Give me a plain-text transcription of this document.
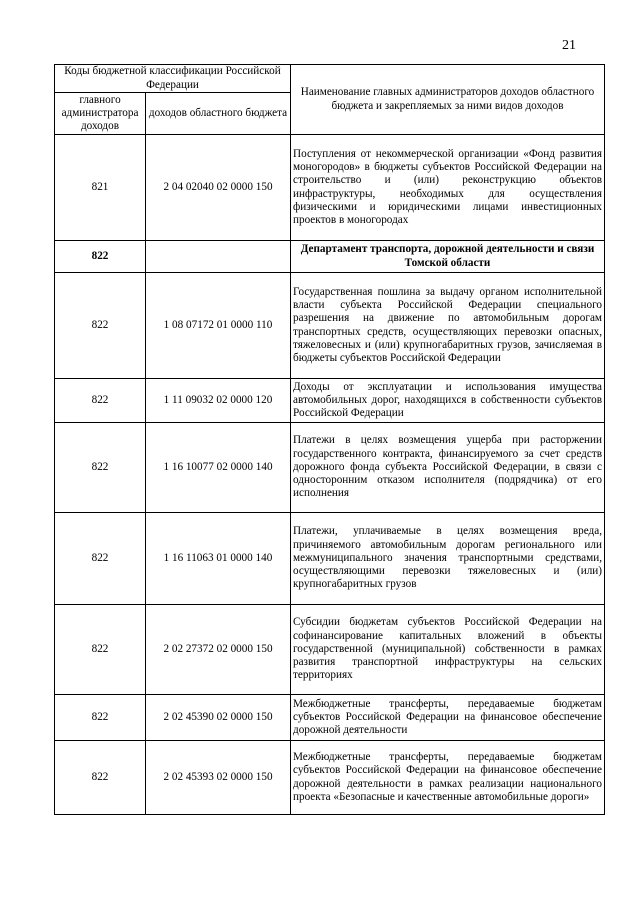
21
Коды бюджетной классификации Российской Федерации		Наименование главных администраторов доходов областного бюджета и закрепляемых за ними видов доходов
главного администратора доходов	доходов областного бюджета	
821	2 04 02040 02 0000 150	Поступления от некоммерческой организации «Фонд развития моногородов» в бюджеты субъектов Российской Федерации на строительство и (или) реконструкцию объектов инфраструктуры, необходимых для осуществления физическими и юридическими лицами инвестиционных проектов в моногородах
822		Департамент транспорта, дорожной деятельности и связи Томской области
822	1 08 07172 01 0000 110	Государственная пошлина за выдачу органом исполнительной власти субъекта Российской Федерации специального разрешения на движение по автомобильным дорогам транспортных средств, осуществляющих перевозки опасных, тяжеловесных и (или) крупногабаритных грузов, зачисляемая в бюджеты субъектов Российской Федерации
822	1 11 09032 02 0000 120	Доходы от эксплуатации и использования имущества автомобильных дорог, находящихся в собственности субъектов Российской Федерации
822	1 16 10077 02 0000 140	Платежи в целях возмещения ущерба при расторжении государственного контракта, финансируемого за счет средств дорожного фонда субъекта Российской Федерации, в связи с односторонним отказом исполнителя (подрядчика) от его исполнения
822	1 16 11063 01 0000 140	Платежи, уплачиваемые в целях возмещения вреда, причиняемого автомобильным дорогам регионального или межмуниципального значения транспортными средствами, осуществляющими перевозки тяжеловесных и (или) крупногабаритных грузов
822	2 02 27372 02 0000 150	Субсидии бюджетам субъектов Российской Федерации на софинансирование капитальных вложений в объекты государственной (муниципальной) собственности в рамках развития транспортной инфраструктуры на сельских территориях
822	2 02 45390 02 0000 150	Межбюджетные трансферты, передаваемые бюджетам субъектов Российской Федерации на финансовое обеспечение дорожной деятельности
822	2 02 45393 02 0000 150	Межбюджетные трансферты, передаваемые бюджетам субъектов Российской Федерации на финансовое обеспечение дорожной деятельности в рамках реализации национального проекта «Безопасные и качественные автомобильные дороги»
